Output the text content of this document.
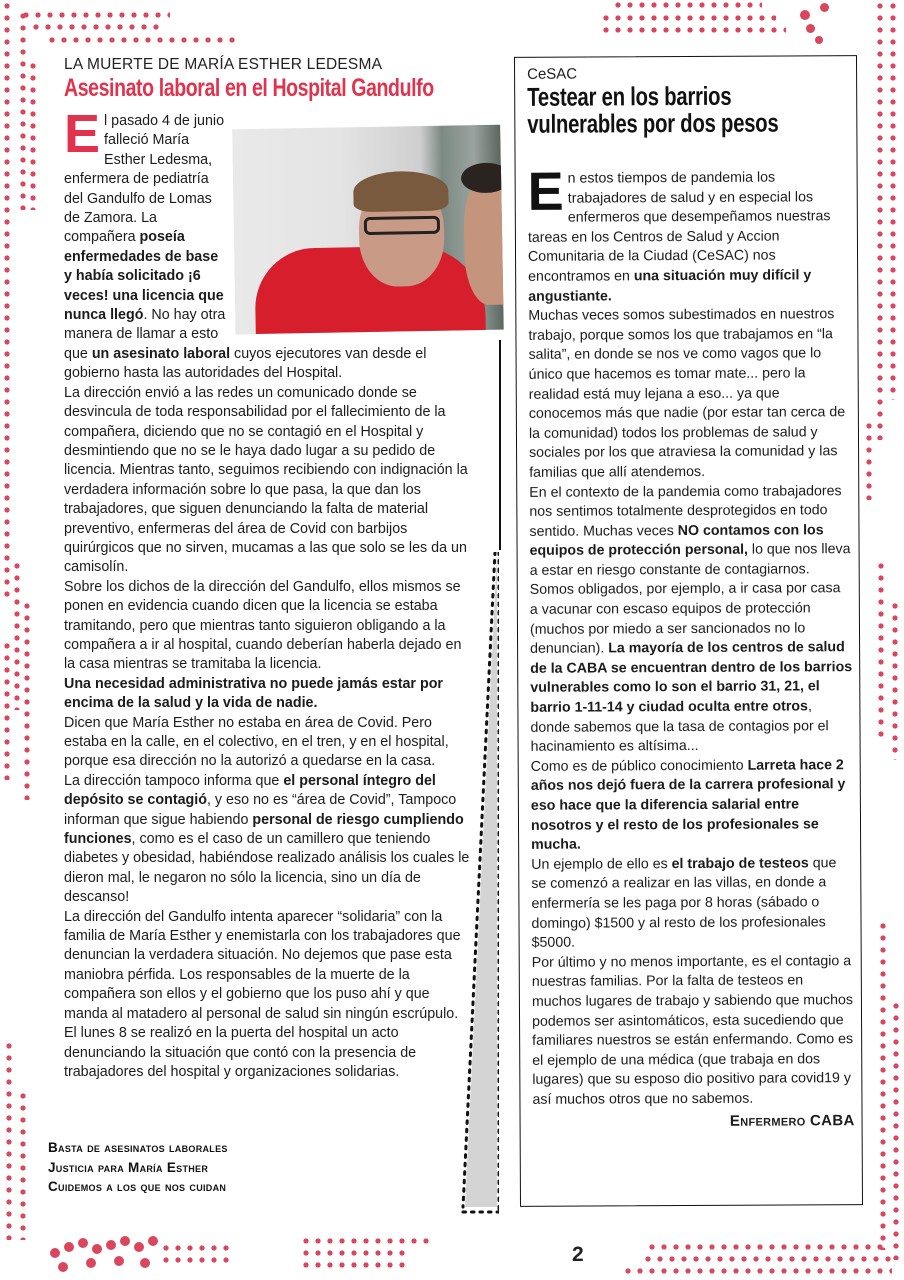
LA MUERTE DE MARÍA ESTHER LEDESMA
Asesinato laboral en el Hospital Gandulfo
E l pasado 4 de junio falleció María Esther Ledesma, enfermera de pediatría del Gandulfo de Lomas de Zamora. La compañera poseía enfermedades de base y había solicitado ¡6 veces! una licencia que nunca llegó. No hay otra manera de llamar a esto que un asesinato laboral cuyos ejecutores van desde el gobierno hasta las autoridades del Hospital.

La dirección envió a las redes un comunicado donde se desvincula de toda responsabilidad por el fallecimiento de la compañera, diciendo que no se contagió en el Hospital y desmintiendo que no se le haya dado lugar a su pedido de licencia. Mientras tanto, seguimos recibiendo con indignación la verdadera información sobre lo que pasa, la que dan los trabajadores, que siguen denunciando la falta de material preventivo, enfermeras del área de Covid con barbijos quirúrgicos que no sirven, mucamas a las que solo se les da un camisolín.

Sobre los dichos de la dirección del Gandulfo, ellos mismos se ponen en evidencia cuando dicen que la licencia se estaba tramitando, pero que mientras tanto siguieron obligando a la compañera a ir al hospital, cuando deberían haberla dejado en la casa mientras se tramitaba la licencia.

Una necesidad administrativa no puede jamás estar por encima de la salud y la vida de nadie.

Dicen que María Esther no estaba en área de Covid. Pero estaba en la calle, en el colectivo, en el tren, y en el hospital, porque esa dirección no la autorizó a quedarse en la casa.

La dirección tampoco informa que el personal íntegro del depósito se contagió, y eso no es “área de Covid”, Tampoco informan que sigue habiendo personal de riesgo cumpliendo funciones, como es el caso de un camillero que teniendo diabetes y obesidad, habiéndose realizado análisis los cuales le dieron mal, le negaron no sólo la licencia, sino un día de descanso!

La dirección del Gandulfo intenta aparecer “solidaria” con la familia de María Esther y enemistarla con los trabajadores que denuncian la verdadera situación. No dejemos que pase esta maniobra pérfida. Los responsables de la muerte de la compañera son ellos y el gobierno que los puso ahí y que manda al matadero al personal de salud sin ningún escrúpulo.

El lunes 8 se realizó en la puerta del hospital un acto denunciando la situación que contó con la presencia de trabajadores del hospital y organizaciones solidarias.

Basta de asesinatos laborales
Justicia para María Esther
Cuidemos a los que nos cuidan
CeSAC
Testear en los barrios
vulnerables por dos pesos
E n estos tiempos de pandemia los trabajadores de salud y en especial los enfermeros que desempeñamos nuestras tareas en los Centros de Salud y Accion Comunitaria de la Ciudad (CeSAC) nos encontramos en una situación muy difícil y angustiante.

Muchas veces somos subestimados en nuestros trabajo, porque somos los que trabajamos en “la salita”, en donde se nos ve como vagos que lo único que hacemos es tomar mate... pero la realidad está muy lejana a eso... ya que conocemos más que nadie (por estar tan cerca de la comunidad) todos los problemas de salud y sociales por los que atraviesa la comunidad y las familias que allí atendemos.

En el contexto de la pandemia como trabajadores nos sentimos totalmente desprotegidos en todo sentido. Muchas veces NO contamos con los equipos de protección personal, lo que nos lleva a estar en riesgo constante de contagiarnos. Somos obligados, por ejemplo, a ir casa por casa a vacunar con escaso equipos de protección (muchos por miedo a ser sancionados no lo denuncian). La mayoría de los centros de salud de la CABA se encuentran dentro de los barrios vulnerables como lo son el barrio 31, 21, el barrio 1-11-14 y ciudad oculta entre otros, donde sabemos que la tasa de contagios por el hacinamiento es altísima...

Como es de público conocimiento Larreta hace 2 años nos dejó fuera de la carrera profesional y eso hace que la diferencia salarial entre nosotros y el resto de los profesionales se mucha.

Un ejemplo de ello es el trabajo de testeos que se comenzó a realizar en las villas, en donde a enfermería se les paga por 8 horas (sábado o domingo) $1500 y al resto de los profesionales $5000.

Por último y no menos importante, es el contagio a nuestras familias. Por la falta de testeos en muchos lugares de trabajo y sabiendo que muchos podemos ser asintomáticos, esta sucediendo que familiares nuestros se están enfermando. Como es el ejemplo de una médica (que trabaja en dos lugares) que su esposo dio positivo para covid19 y así muchos otros que no sabemos.

Enfermero CABA
2
